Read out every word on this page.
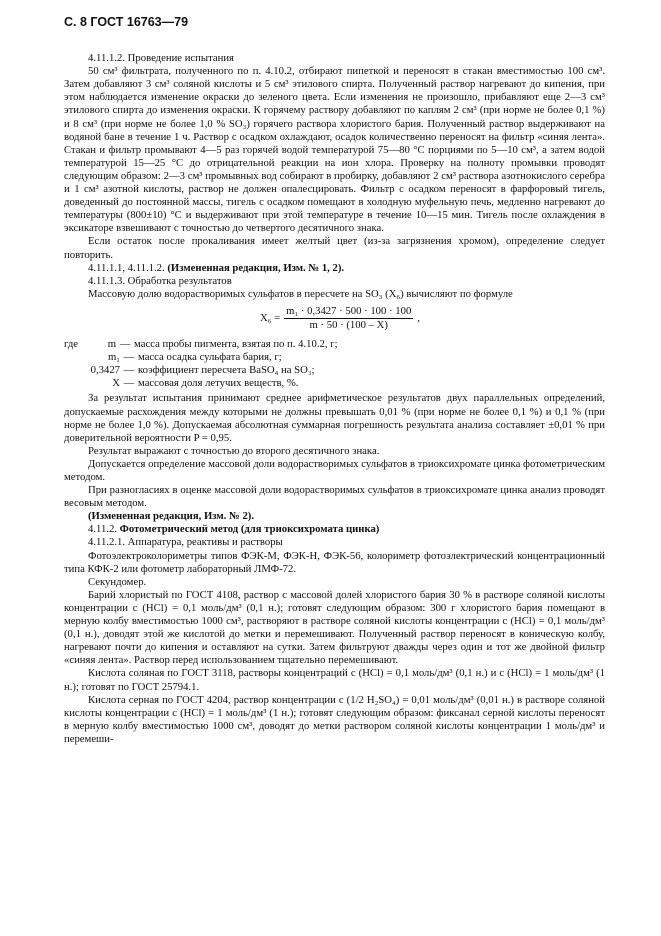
С. 8 ГОСТ 16763—79

4.11.1.2. Проведение испытания

50 см³ фильтрата, полученного по п. 4.10.2, отбирают пипеткой и переносят в стакан вместимостью 100 см³. Затем добавляют 3 см³ соляной кислоты и 5 см³ этилового спирта. Полученный раствор нагревают до кипения, при этом наблюдается изменение окраски до зеленого цвета. Если изменения не произошло, прибавляют еще 2—3 см³ этилового спирта до изменения окраски. К горячему раствору добавляют по каплям 2 см³ (при норме не более 0,1 %) и 8 см³ (при норме не более 1,0 % SO₃) горячего раствора хлористого бария. Полученный раствор выдерживают на водяной бане в течение 1 ч. Раствор с осадком охлаждают, осадок количественно переносят на фильтр «синяя лента». Стакан и фильтр промывают 4—5 раз горячей водой температурой 75—80 °С порциями по 5—10 см³, а затем водой температурой 15—25 °С до отрицательной реакции на ион хлора. Проверку на полноту промывки проводят следующим образом: 2—3 см³ промывных вод собирают в пробирку, добавляют 2 см³ раствора азотнокислого серебра и 1 см³ азотной кислоты, раствор не должен опалесцировать. Фильтр с осадком переносят в фарфоровый тигель, доведенный до постоянной массы, тигель с осадком помещают в холодную муфельную печь, медленно нагревают до температуры (800±10) °С и выдерживают при этой температуре в течение 10—15 мин. Тигель после охлаждения в эксикаторе взвешивают с точностью до четвертого десятичного знака.

Если остаток после прокаливания имеет желтый цвет (из-за загрязнения хромом), определение следует повторить.

4.11.1.1, 4.11.1.2. (Измененная редакция, Изм. № 1, 2).

4.11.1.3. Обработка результатов

Массовую долю водорастворимых сульфатов в пересчете на SO₃ (X₆) вычисляют по формуле

$X_6 = \frac{\text{m₁ · 0,3427 · 500 · 100 · 100}}{m \cdot 50 \cdot (100 - X)}$ ,
где	m — масса пробы пигмента, взятая по п. 4.10.2, г;
m₁ — масса осадка сульфата бария, г;
0,3427 — коэффициент пересчета BaSO₄ на SO₃;
X — массовая доля летучих веществ, %.

За результат испытания принимают среднее арифметическое результатов двух параллельных определений, допускаемые расхождения между которыми не должны превышать 0,01 % (при норме не более 0,1 %) и 0,1 % (при норме не более 1,0 %). Допускаемая абсолютная суммарная погрешность результата анализа составляет ±0,01 % при доверительной вероятности P = 0,95.

Результат выражают с точностью до второго десятичного знака.

Допускается определение массовой доли водорастворимых сульфатов в триоксихромате цинка фотометрическим методом.

При разногласиях в оценке массовой доли водорастворимых сульфатов в триоксихромате цинка анализ проводят весовым методом.

(Измененная редакция, Изм. № 2).

4.11.2. Фотометрический метод (для триоксихромата цинка)

4.11.2.1. Аппаратура, реактивы и растворы

Фотоэлектроколориметры типов ФЭК-М, ФЭК-Н, ФЭК-56, колориметр фотоэлектрический концентрационный типа КФК-2 или фотометр лабораторный ЛМФ-72.

Секундомер.

Барий хлористый по ГОСТ 4108, раствор с массовой долей хлористого бария 30 % в растворе соляной кислоты концентрации c (HCl) = 0,1 моль/дм³ (0,1 н.); готовят следующим образом: 300 г хлористого бария помещают в мерную колбу вместимостью 1000 см³, растворяют в растворе соляной кислоты концентрации c (HCl) = 0,1 моль/дм³ (0,1 н.), доводят этой же кислотой до метки и перемешивают. Полученный раствор переносят в коническую колбу, нагревают почти до кипения и оставляют на сутки. Затем фильтруют дважды через один и тот же двойной фильтр «синяя лента». Раствор перед использованием тщательно перемешивают.

Кислота соляная по ГОСТ 3118, растворы концентраций c (HCl) = 0,1 моль/дм³ (0,1 н.) и c (HCl) = 1 моль/дм³ (1 н.); готовят по ГОСТ 25794.1.

Кислота серная по ГОСТ 4204, раствор концентрации c (1/2 H₂SO₄) = 0,01 моль/дм³ (0,01 н.) в растворе соляной кислоты концентрации c (HCl) = 1 моль/дм³ (1 н.); готовят следующим образом: фиксанал серной кислоты переносят в мерную колбу вместимостью 1000 см³, доводят до метки раствором соляной кислоты концентрации 1 моль/дм³ и перемеши-
